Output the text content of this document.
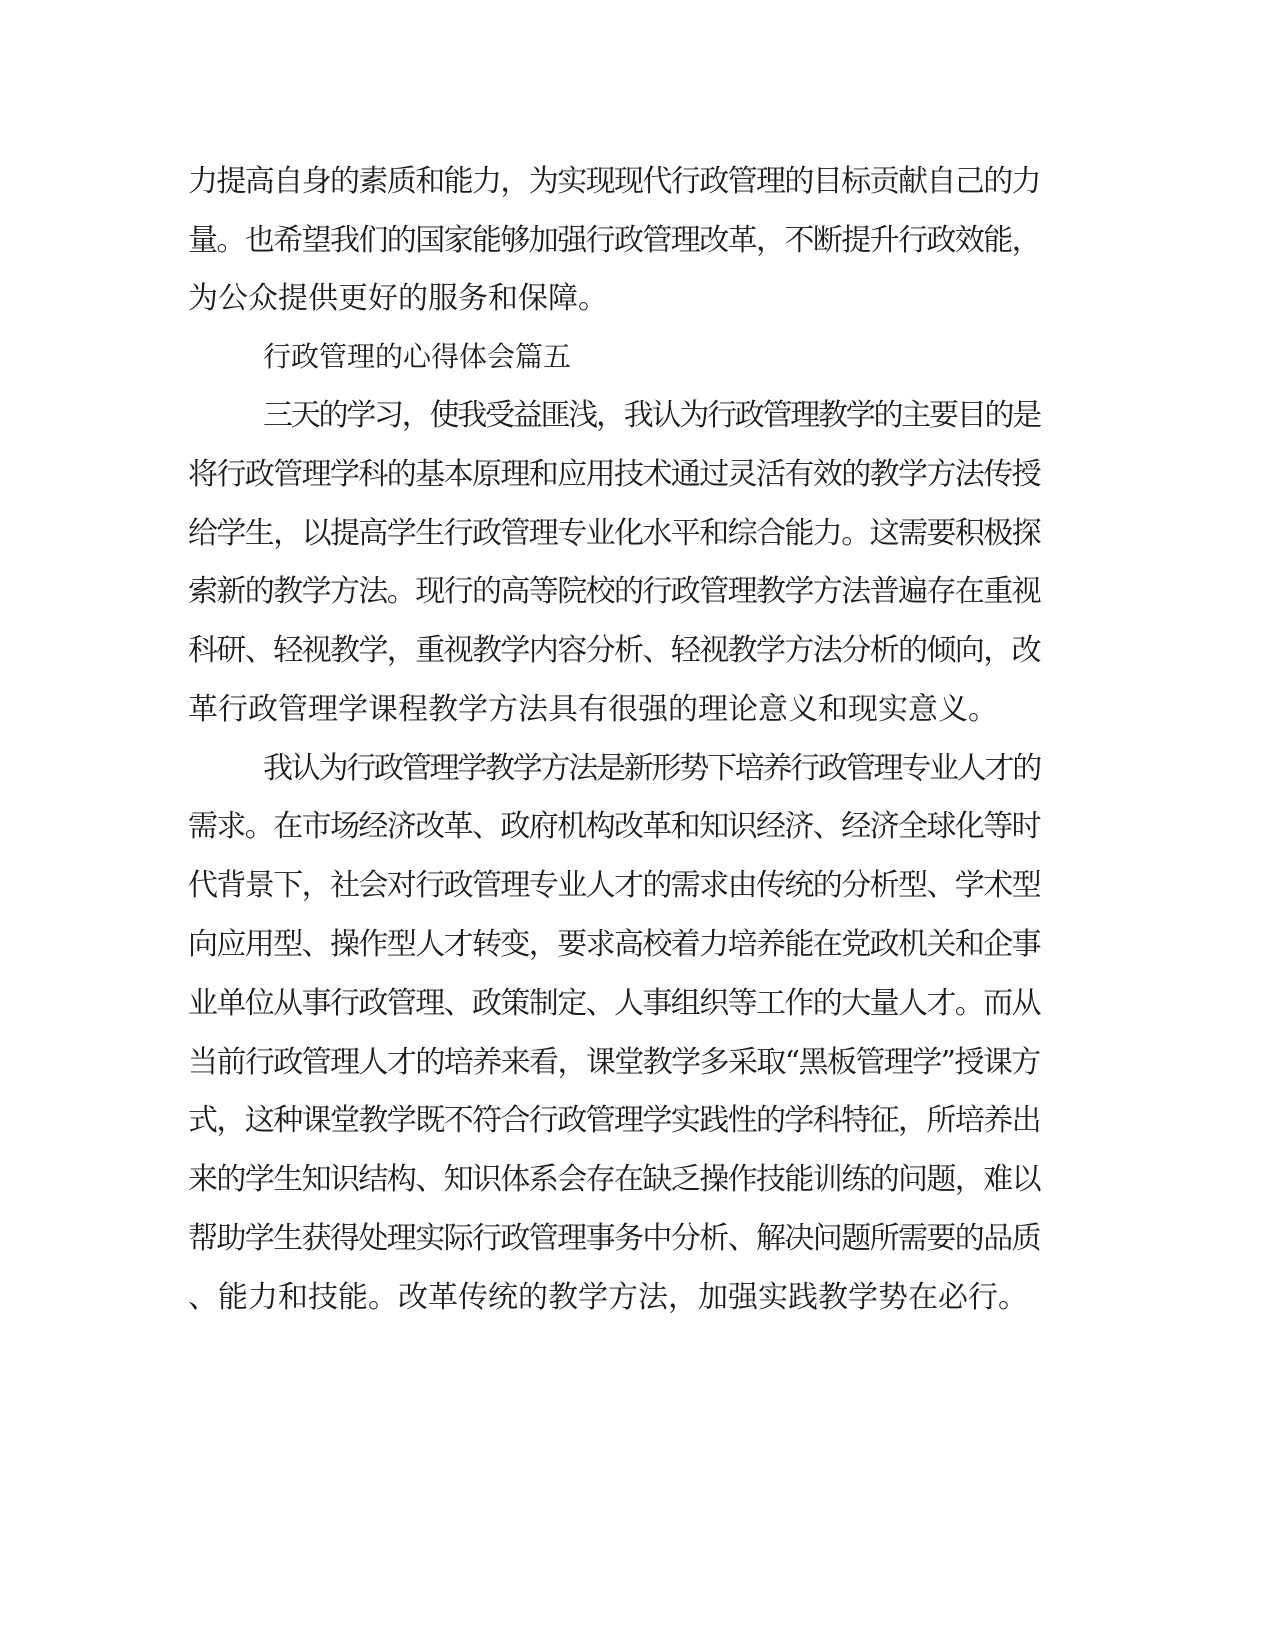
力提高自身的素质和能力，为实现现代行政管理的目标贡献自己的力
量。也希望我们的国家能够加强行政管理改革，不断提升行政效能，
为公众提供更好的服务和保障。
行政管理的心得体会篇五
三天的学习，使我受益匪浅，我认为行政管理教学的主要目的是
将行政管理学科的基本原理和应用技术通过灵活有效的教学方法传授
给学生，以提高学生行政管理专业化水平和综合能力。这需要积极探
索新的教学方法。现行的高等院校的行政管理教学方法普遍存在重视
科研、轻视教学，重视教学内容分析、轻视教学方法分析的倾向，改
革行政管理学课程教学方法具有很强的理论意义和现实意义。
我认为行政管理学教学方法是新形势下培养行政管理专业人才的
需求。在市场经济改革、政府机构改革和知识经济、经济全球化等时
代背景下，社会对行政管理专业人才的需求由传统的分析型、学术型
向应用型、操作型人才转变，要求高校着力培养能在党政机关和企事
业单位从事行政管理、政策制定、人事组织等工作的大量人才。而从
当前行政管理人才的培养来看，课堂教学多采取“黑板管理学”授课方
式，这种课堂教学既不符合行政管理学实践性的学科特征，所培养出
来的学生知识结构、知识体系会存在缺乏操作技能训练的问题，难以
帮助学生获得处理实际行政管理事务中分析、解决问题所需要的品质
、能力和技能。改革传统的教学方法，加强实践教学势在必行。
